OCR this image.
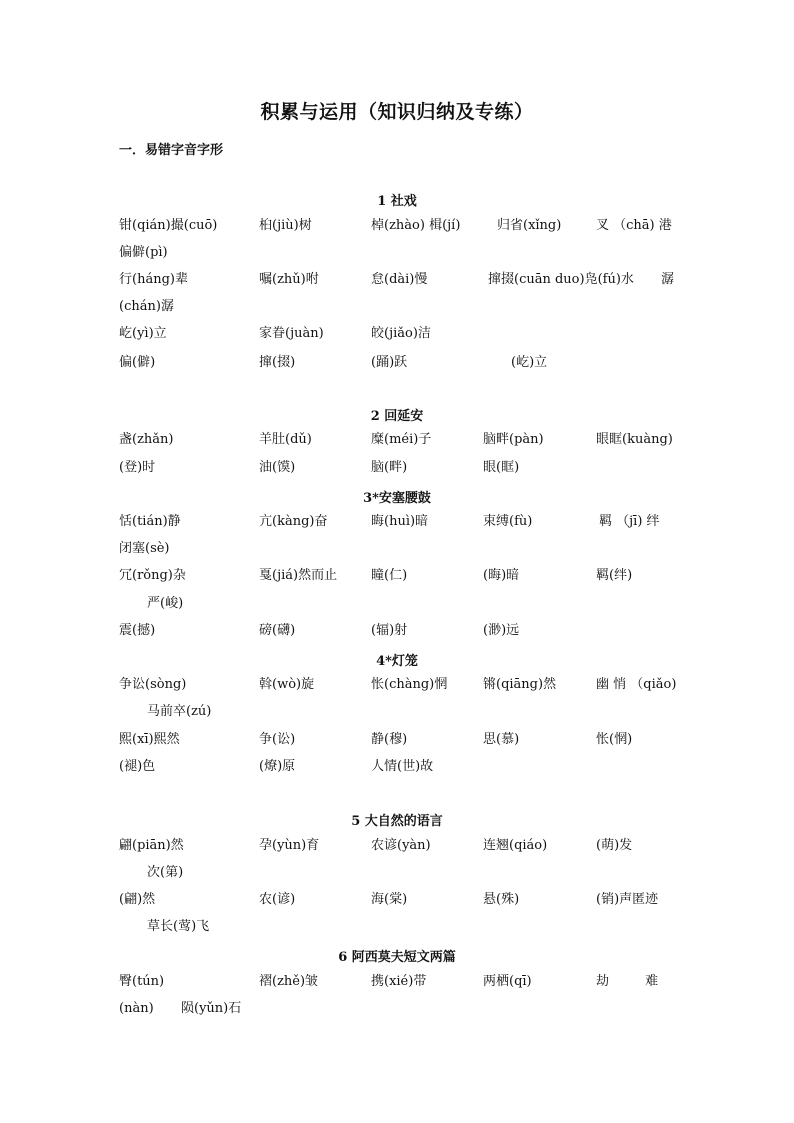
积累与运用（知识归纳及专练）
一．易错字音字形
1 社戏
钳(qián)撮(cuō)	桕(jiù)树	棹(zhào) 楫(jí)	归省(xǐng)	叉 （chā) 港
偏僻(pì)
行(háng)辈	嘱(zhǔ)咐	怠(dài)慢	撺掇(cuān duo)凫(fú)水 潺
(chán)潺
屹(yì)立	家眷(juàn)	皎(jiǎo)洁
偏(僻)	撺(掇)	(踊)跃	(屹)立
2 回延安
盏(zhǎn)	羊肚(dǔ)	糜(méi)子	脑畔(pàn)	眼眶(kuàng)
(登)时	油(馍)	脑(畔)	眼(眶)
3*安塞腰鼓
恬(tián)静	亢(kàng)奋	晦(huì)暗	束缚(fù)	羁 （jī) 绊
闭塞(sè)
冗(rǒng)杂	戛(jiá)然而止	瞳(仁)	(晦)暗	羁(绊)
严(峻)
震(撼)	磅(礴)	(辐)射	(渺)远
4*灯笼
争讼(sòng)	斡(wò)旋	怅(chàng)惘	锵(qiāng)然	幽 悄 （qiǎo)
马前卒(zú)
熙(xī)熙然	争(讼)	静(穆)	思(慕)	怅(惘)
(褪)色	(燎)原	人情(世)故
5 大自然的语言
翩(piān)然	孕(yùn)育	农谚(yàn)	连翘(qiáo)	(萌)发
次(第)
(翩)然	农(谚)	海(棠)	悬(殊)	(销)声匿迹
草长(莺)飞
6 阿西莫夫短文两篇
臀(tún)	褶(zhě)皱	携(xié)带	两栖(qī)	劫 难
(nàn) 陨(yǔn)石
